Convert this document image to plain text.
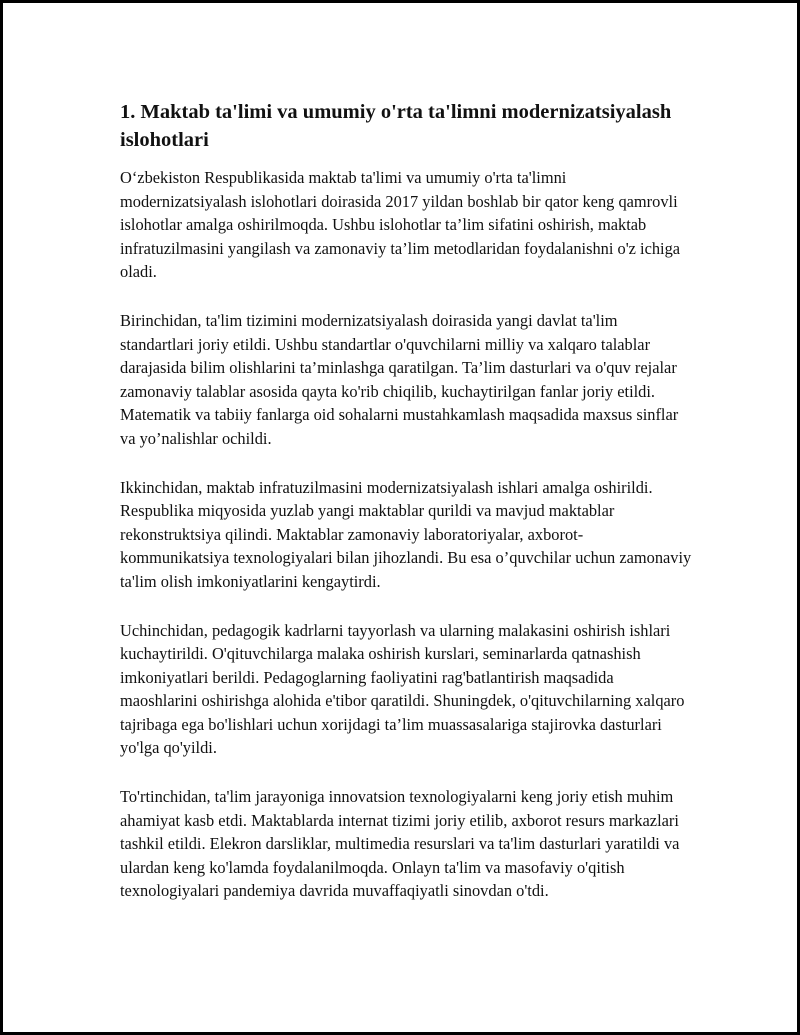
1. Maktab ta'limi va umumiy o'rta ta'limni modernizatsiyalash islohotlari

O‘zbekiston Respublikasida maktab ta'limi va umumiy o'rta ta'limni modernizatsiyalash islohotlari doirasida 2017 yildan boshlab bir qator keng qamrovli islohotlar amalga oshirilmoqda. Ushbu islohotlar ta’lim sifatini oshirish, maktab infratuzilmasini yangilash va zamonaviy ta’lim metodlaridan foydalanishni o'z ichiga oladi.

Birinchidan, ta'lim tizimini modernizatsiyalash doirasida yangi davlat ta'lim standartlari joriy etildi. Ushbu standartlar o'quvchilarni milliy va xalqaro talablar darajasida bilim olishlarini ta’minlashga qaratilgan. Ta’lim dasturlari va o'quv rejalar zamonaviy talablar asosida qayta ko'rib chiqilib, kuchaytirilgan fanlar joriy etildi. Matematik va tabiiy fanlarga oid sohalarni mustahkamlash maqsadida maxsus sinflar va yo’nalishlar ochildi.

Ikkinchidan, maktab infratuzilmasini modernizatsiyalash ishlari amalga oshirildi. Respublika miqyosida yuzlab yangi maktablar qurildi va mavjud maktablar rekonstruktsiya qilindi. Maktablar zamonaviy laboratoriyalar, axborot-kommunikatsiya texnologiyalari bilan jihozlandi. Bu esa o’quvchilar uchun zamonaviy ta'lim olish imkoniyatlarini kengaytirdi.

Uchinchidan, pedagogik kadrlarni tayyorlash va ularning malakasini oshirish ishlari kuchaytirildi. O'qituvchilarga malaka oshirish kurslari, seminarlarda qatnashish imkoniyatlari berildi. Pedagoglarning faoliyatini rag'batlantirish maqsadida maoshlarini oshirishga alohida e'tibor qaratildi. Shuningdek, o'qituvchilarning xalqaro tajribaga ega bo'lishlari uchun xorijdagi ta’lim muassasalariga stajirovka dasturlari yo'lga qo'yildi.

To'rtinchidan, ta'lim jarayoniga innovatsion texnologiyalarni keng joriy etish muhim ahamiyat kasb etdi. Maktablarda internat tizimi joriy etilib, axborot resurs markazlari tashkil etildi. Elekron darsliklar, multimedia resurslari va ta'lim dasturlari yaratildi va ulardan keng ko'lamda foydalanilmoqda. Onlayn ta'lim va masofaviy o'qitish texnologiyalari pandemiya davrida muvaffaqiyatli sinovdan o'tdi.
